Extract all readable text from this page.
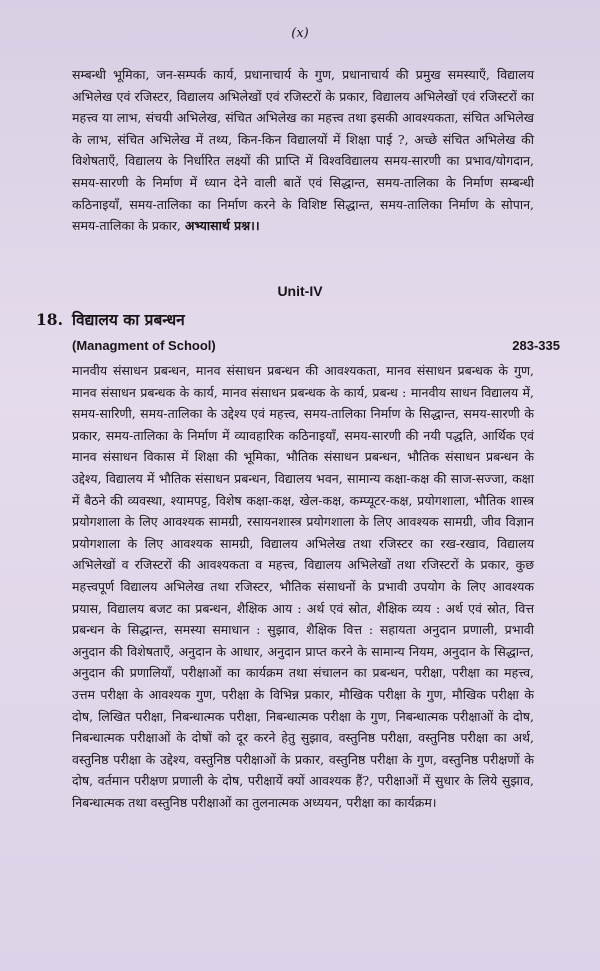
(x)
सम्बन्धी भूमिका, जन-सम्पर्क कार्य, प्रधानाचार्य के गुण, प्रधानाचार्य की प्रमुख समस्याएँ, विद्यालय अभिलेख एवं रजिस्टर, विद्यालय अभिलेखों एवं रजिस्टरों के प्रकार, विद्यालय अभिलेखों एवं रजिस्टरों का महत्त्व या लाभ, संचयी अभिलेख, संचित अभिलेख का महत्त्व तथा इसकी आवश्यकता, संचित अभिलेख के लाभ, संचित अभिलेख में तथ्य, किन-किन विद्यालयों में शिक्षा पाई ?, अच्छे संचित अभिलेख की विशेषताएँ, विद्यालय के निर्धारित लक्ष्यों की प्राप्ति में विश्वविद्यालय समय-सारणी का प्रभाव/योगदान, समय-सारणी के निर्माण में ध्यान देने वाली बातें एवं सिद्धान्त, समय-तालिका के निर्माण सम्बन्धी कठिनाइयाँ, समय-तालिका का निर्माण करने के विशिष्ट सिद्धान्त, समय-तालिका निर्माण के सोपान, समय-तालिका के प्रकार, अभ्यासार्थ प्रश्न।।
Unit-IV
18. विद्यालय का प्रबन्धन
(Managment of School)	283-335
मानवीय संसाधन प्रबन्धन, मानव संसाधन प्रबन्धन की आवश्यकता, मानव संसाधन प्रबन्धक के गुण, मानव संसाधन प्रबन्धक के कार्य, मानव संसाधन प्रबन्धक के कार्य, प्रबन्ध : मानवीय साधन विद्यालय में, समय-सारिणी, समय-तालिका के उद्देश्य एवं महत्त्व, समय-तालिका निर्माण के सिद्धान्त, समय-सारणी के प्रकार, समय-तालिका के निर्माण में व्यावहारिक कठिनाइयाँ, समय-सारणी की नयी पद्धति, आर्थिक एवं मानव संसाधन विकास में शिक्षा की भूमिका, भौतिक संसाधन प्रबन्धन, भौतिक संसाधन प्रबन्धन के उद्देश्य, विद्यालय में भौतिक संसाधन प्रबन्धन, विद्यालय भवन, सामान्य कक्षा-कक्ष की साज-सज्जा, कक्षा में बैठने की व्यवस्था, श्यामपट्ट, विशेष कक्षा-कक्ष, खेल-कक्ष, कम्प्यूटर-कक्ष, प्रयोगशाला, भौतिक शास्त्र प्रयोगशाला के लिए आवश्यक सामग्री, रसायनशास्त्र प्रयोगशाला के लिए आवश्यक सामग्री, जीव विज्ञान प्रयोगशाला के लिए आवश्यक सामग्री, विद्यालय अभिलेख तथा रजिस्टर का रख-रखाव, विद्यालय अभिलेखों व रजिस्टरों की आवश्यकता व महत्त्व, विद्यालय अभिलेखों तथा रजिस्टरों के प्रकार, कुछ महत्त्वपूर्ण विद्यालय अभिलेख तथा रजिस्टर, भौतिक संसाधनों के प्रभावी उपयोग के लिए आवश्यक प्रयास, विद्यालय बजट का प्रबन्धन, शैक्षिक आय : अर्थ एवं स्रोत, शैक्षिक व्यय : अर्थ एवं स्रोत, वित्त प्रबन्धन के सिद्धान्त, समस्या समाधान : सुझाव, शैक्षिक वित्त : सहायता अनुदान प्रणाली, प्रभावी अनुदान की विशेषताएँ, अनुदान के आधार, अनुदान प्राप्त करने के सामान्य नियम, अनुदान के सिद्धान्त, अनुदान की प्रणालियाँ, परीक्षाओं का कार्यक्रम तथा संचालन का प्रबन्धन, परीक्षा, परीक्षा का महत्त्व, उत्तम परीक्षा के आवश्यक गुण, परीक्षा के विभिन्न प्रकार, मौखिक परीक्षा के गुण, मौखिक परीक्षा के दोष, लिखित परीक्षा, निबन्धात्मक परीक्षा, निबन्धात्मक परीक्षा के गुण, निबन्धात्मक परीक्षाओं के दोष, निबन्धात्मक परीक्षाओं के दोषों को दूर करने हेतु सुझाव, वस्तुनिष्ठ परीक्षा, वस्तुनिष्ठ परीक्षा का अर्थ, वस्तुनिष्ठ परीक्षा के उद्देश्य, वस्तुनिष्ठ परीक्षाओं के प्रकार, वस्तुनिष्ठ परीक्षा के गुण, वस्तुनिष्ठ परीक्षणों के दोष, वर्तमान परीक्षण प्रणाली के दोष, परीक्षायें क्यों आवश्यक हैं?, परीक्षाओं में सुधार के लिये सुझाव, निबन्धात्मक तथा वस्तुनिष्ठ परीक्षाओं का तुलनात्मक अध्ययन, परीक्षा का कार्यक्रम।
